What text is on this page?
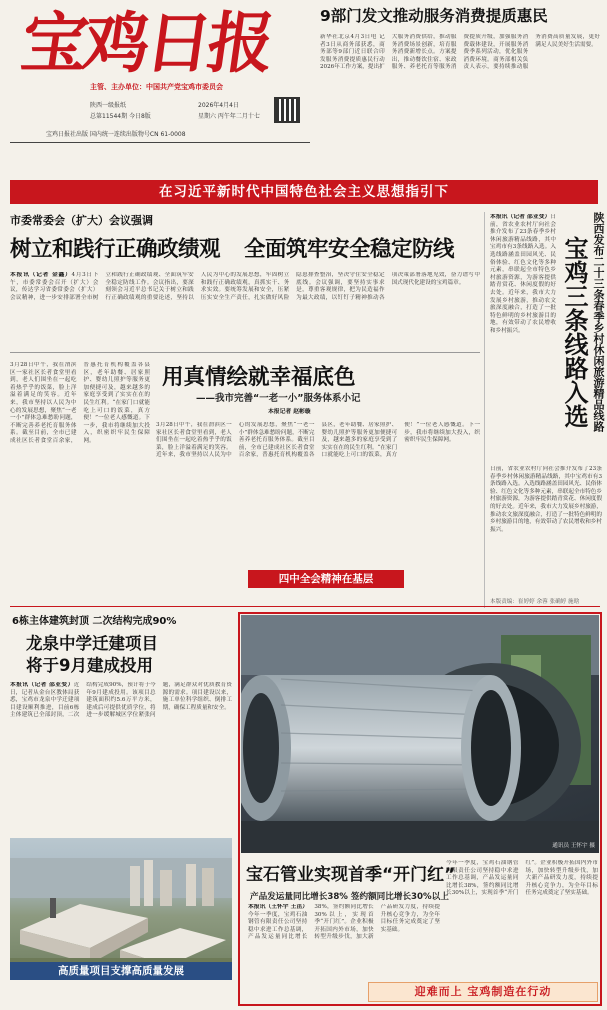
宝鸡日报
主管、主办单位：中国共产党宝鸡市委员会
陕西一级报纸
总第11544期 今日8版
2026年4月4日
星期六 丙午年二月十七
宝鸡日报社出版 国内统一连续出版物号CN 61-0008
9部门发文推动服务消费提质惠民
新华社北京4月3日电 记者3日从商务部获悉，商务部等9部门近日联合印发服务消费提质惠民行动2026年工作方案，提出扩大服务消费供给，推动服务消费场景创新，培育服务消费新增长点。方案提出，推动餐饮住宿、家政服务、养老托育等服务消费提质升级，加强服务消费载体建设，开展服务消费季系列活动，优化服务消费环境。商务部相关负责人表示，要持续推动服务消费高质量发展，更好满足人民美好生活需要。
在习近平新时代中国特色社会主义思想指引下
市委常委会（扩大）会议强调
树立和践行正确政绩观 全面筑牢安全稳定防线
本报讯（记者 金鑫）4月3日下午，市委常委会召开（扩大）会议，传达学习省委常委会（扩大）会议精神，进一步安排部署全市树立和践行正确政绩观、全面筑牢安全稳定防线工作。会议指出，要深刻领会习近平总书记关于树立和践行正确政绩观的重要论述，坚持以人民为中心的发展思想，牢固树立和践行正确政绩观，真抓实干、务求实效。要统筹发展和安全，压紧压实安全生产责任，扎实做好风险隐患排查整治，坚决守住安全稳定底线。会议强调，要坚持实事求是，尊重客观规律，把为民造福作为最大政绩，以钉钉子精神推动各项决策部署落地见效，奋力谱写中国式现代化建设的宝鸡篇章。
用真情绘就幸福底色
——我市完善“一老一小”服务体系小记
本报记者 赵彬璇
3月28日中午，我在渭滨区一家社区长者食堂里看到，老人们围坐在一起吃着热乎乎的饭菜，脸上洋溢着满足的笑容。近年来，我市坚持以人民为中心的发展思想，聚焦“一老一小”群体急难愁盼问题，不断完善养老托育服务体系。截至目前，全市已建成社区长者食堂百余家，普惠托育机构覆盖各县区，老年助餐、居家照护、婴幼儿照护等服务更加便捷可及，越来越多的家庭享受到了实实在在的民生红利。“在家门口就能吃上可口的饭菜，真方便！”一位老人感慨道。下一步，我市将继续加大投入，织密织牢民生保障网。
3月28日中午，我在渭滨区一家社区长者食堂里看到，老人们围坐在一起吃着热乎乎的饭菜，脸上洋溢着满足的笑容。近年来，我市坚持以人民为中心的发展思想，聚焦“一老一小”群体急难愁盼问题，不断完善养老托育服务体系。截至目前，全市已建成社区长者食堂百余家，普惠托育机构覆盖各县区，老年助餐、居家照护、婴幼儿照护等服务更加便捷可及，越来越多的家庭享受到了实实在在的民生红利。“在家门口就能吃上可口的饭菜，真方便！”一位老人感慨道。下一步，我市将继续加大投入，织密织牢民生保障网。
四中全会精神在基层
陕西发布二十三条春季乡村休闲旅游精品线路
宝鸡三条线路入选
本报讯（记者 邵亚变）日前，省农业农村厅向社会推介发布了23条春季乡村休闲旅游精品线路，其中宝鸡市有3条线路入选。入选线路涵盖田园风光、民俗体验、红色文化等多种元素，串联起全市特色乡村旅游资源，为游客提供踏青赏花、休闲度假的好去处。近年来，我市大力发展乡村旅游，推动农文旅深度融合，打造了一批特色鲜明的乡村旅游目的地，有效带动了农民增收和乡村振兴。
日前，省农业农村厅向社会推介发布了23条春季乡村休闲旅游精品线路，其中宝鸡市有3条线路入选。入选线路涵盖田园风光、民俗体验、红色文化等多种元素，串联起全市特色乡村旅游资源，为游客提供踏青赏花、休闲度假的好去处。近年来，我市大力发展乡村旅游，推动农文旅深度融合，打造了一批特色鲜明的乡村旅游目的地，有效带动了农民增收和乡村振兴。
本版责编：崔婷婷 余蓉 张确婷 施晗
6栋主体建筑封顶 二次结构完成90%
龙泉中学迁建项目
将于9月建成投用
本报讯（记者 邵亚变）近日，记者从金台区教体局获悉，宝鸡市龙泉中学迁建项目建设顺利推进，目前6栋主体建筑已全部封顶，二次结构完成90%，预计将于今年9月建成投用。该项目总建筑面积约5.6万平方米，建成后可提供优质学位，将进一步缓解城区学位紧张问题，满足群众对优质教育资源的需求。项目建设以来，施工单位科学组织、倒排工期，确保工程质量和安全。
高质量项目支撑高质量发展
通讯员 王怀宇 摄
宝石管业实现首季“开门红”
产品发运量同比增长38% 签约额同比增长30%以上
本报讯（王怀宇 王茁）今年一季度，宝鸡石油钢管有限责任公司坚持稳中求进工作总基调，产品发运量同比增长38%，签约额同比增长30%以上，实现首季“开门红”。企业积极开拓国内外市场，加快转型升级步伐，加大新产品研发力度，持续提升核心竞争力，为全年目标任务完成奠定了坚实基础。
今年一季度，宝鸡石油钢管有限责任公司坚持稳中求进工作总基调，产品发运量同比增长38%，签约额同比增长30%以上，实现首季“开门红”。企业积极开拓国内外市场，加快转型升级步伐，加大新产品研发力度，持续提升核心竞争力，为全年目标任务完成奠定了坚实基础。
迎难而上 宝鸡制造在行动
